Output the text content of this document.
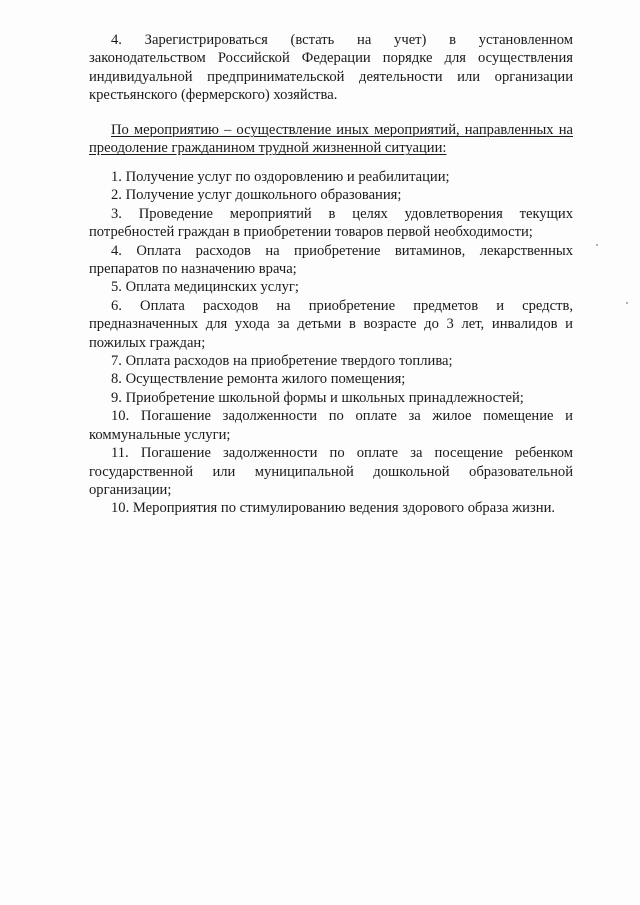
4. Зарегистрироваться (встать на учет) в установленном законодательством Российской Федерации порядке для осуществления индивидуальной предпринимательской деятельности или организации крестьянского (фермерского) хозяйства.

По мероприятию – осуществление иных мероприятий, направленных на преодоление гражданином трудной жизненной ситуации:

1. Получение услуг по оздоровлению и реабилитации;

2. Получение услуг дошкольного образования;

3. Проведение мероприятий в целях удовлетворения текущих потребностей граждан в приобретении товаров первой необходимости;

4. Оплата расходов на приобретение витаминов, лекарственных препаратов по назначению врача;

5. Оплата медицинских услуг;

6. Оплата расходов на приобретение предметов и средств, предназначенных для ухода за детьми в возрасте до 3 лет, инвалидов и пожилых граждан;

7. Оплата расходов на приобретение твердого топлива;

8. Осуществление ремонта жилого помещения;

9. Приобретение школьной формы и школьных принадлежностей;

10. Погашение задолженности по оплате за жилое помещение и коммунальные услуги;

11. Погашение задолженности по оплате за посещение ребенком государственной или муниципальной дошкольной образовательной организации;

10. Мероприятия по стимулированию ведения здорового образа жизни.
